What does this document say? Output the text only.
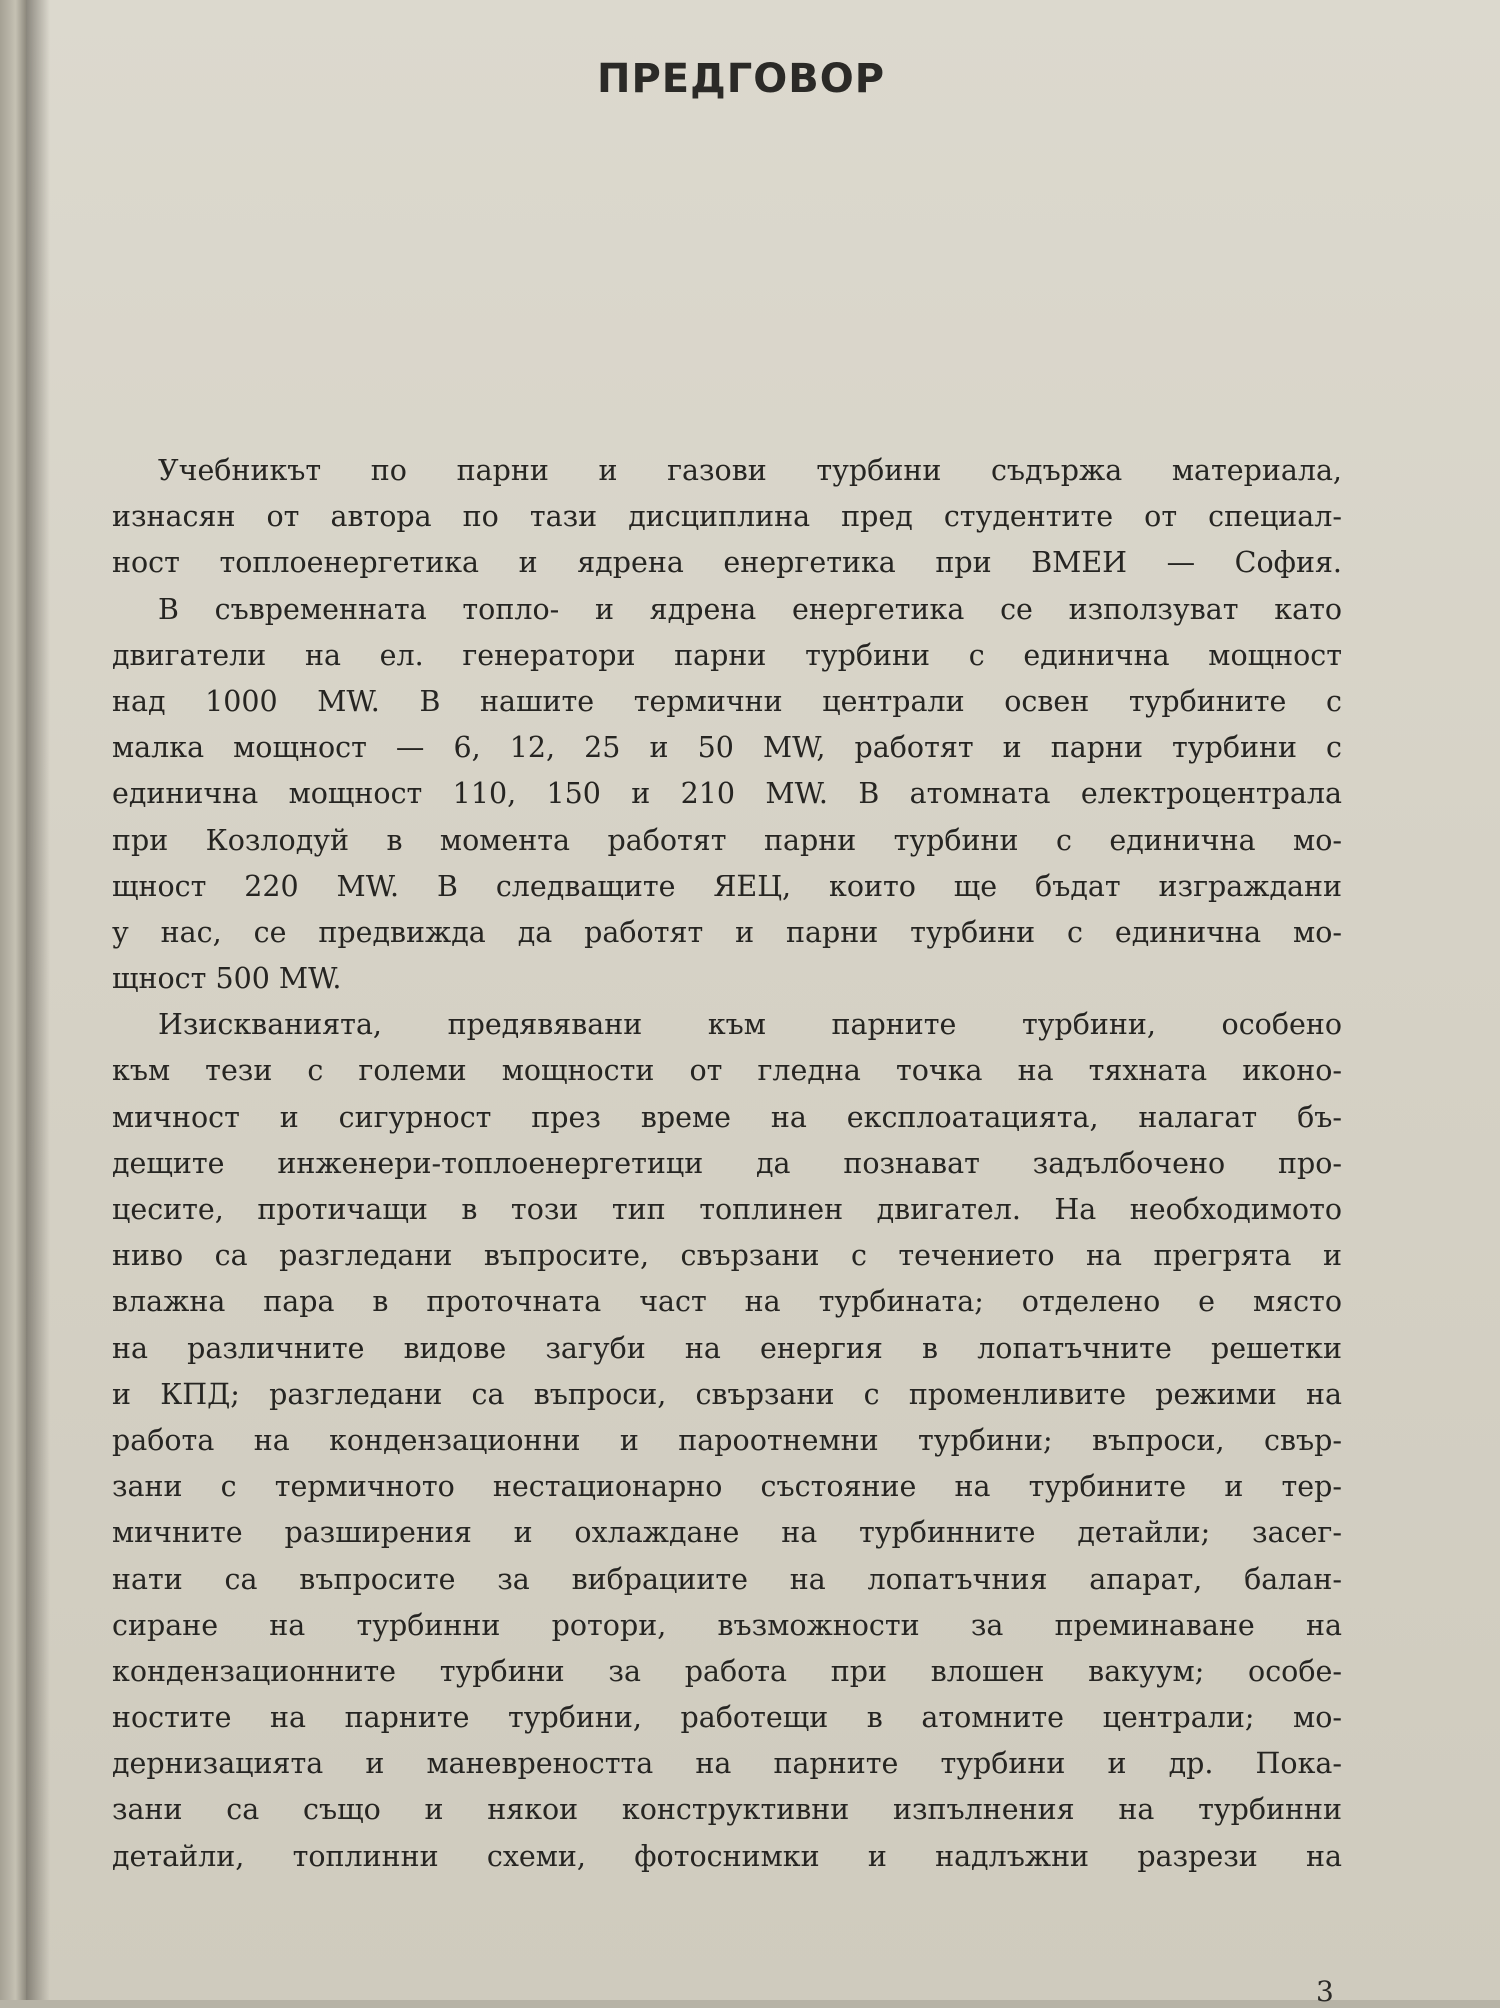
ПРЕДГОВОР
Учебникът по парни и газови турбини съдържа материала,
изнасян от автора по тази дисциплина пред студентите от специал-
ност топлоенергетика и ядрена енергетика при ВМЕИ — София.
В съвременната топло- и ядрена енергетика се използуват като
двигатели на ел. генератори парни турбини с единична мощност
над 1000 MW. В нашите термични централи освен турбините с
малка мощност — 6, 12, 25 и 50 MW, работят и парни турбини с
единична мощност 110, 150 и 210 MW. В атомната електроцентрала
при Козлодуй в момента работят парни турбини с единична мо-
щност 220 MW. В следващите ЯЕЦ, които ще бъдат изграждани
у нас, се предвижда да работят и парни турбини с единична мо-
щност 500 MW.
Изискванията, предявявани към парните турбини, особено
към тези с големи мощности от гледна точка на тяхната иконо-
мичност и сигурност през време на експлоатацията, налагат бъ-
дещите инженери-топлоенергетици да познават задълбочено про-
цесите, протичащи в този тип топлинен двигател. На необходимото
ниво са разгледани въпросите, свързани с течението на прегрята и
влажна пара в проточната част на турбината; отделено е място
на различните видове загуби на енергия в лопатъчните решетки
и КПД; разгледани са въпроси, свързани с променливите режими на
работа на кондензационни и пароотнемни турбини; въпроси, свър-
зани с термичното нестационарно състояние на турбините и тер-
мичните разширения и охлаждане на турбинните детайли; засег-
нати са въпросите за вибрациите на лопатъчния апарат, балан-
сиране на турбинни ротори, възможности за преминаване на
кондензационните турбини за работа при влошен вакуум; особе-
ностите на парните турбини, работещи в атомните централи; мо-
дернизацията и маневреността на парните турбини и др. Пока-
зани са също и някои конструктивни изпълнения на турбинни
детайли, топлинни схеми, фотоснимки и надлъжни разрези на
3
